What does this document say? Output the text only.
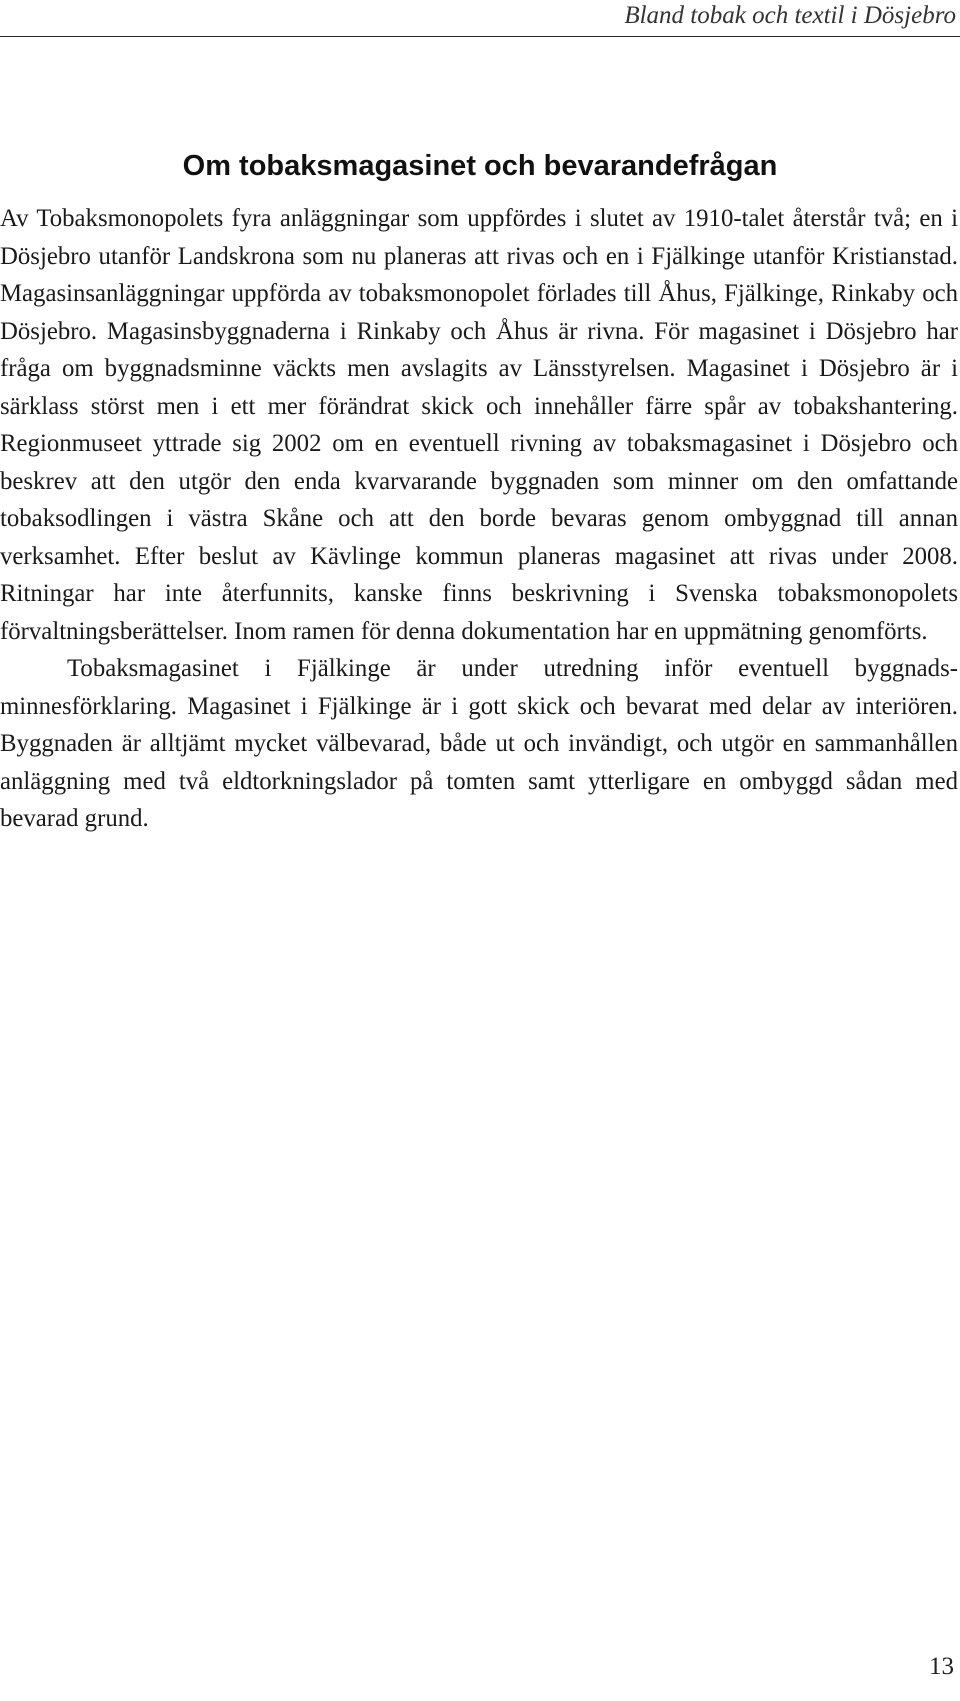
Bland tobak och textil i Dösjebro
Om tobaksmagasinet och bevarandefrågan

Av Tobaksmonopolets fyra anläggningar som uppfördes i slutet av 1910-talet återstår två; en i Dösjebro utanför Landskrona som nu planeras att rivas och en i Fjälkinge utanför Kristianstad. Magasinsanläggningar uppförda av tobaksmonopolet förlades till Åhus, Fjälkinge, Rinkaby och Dösjebro. Magasinsbyggnaderna i Rinkaby och Åhus är rivna. För magasinet i Dösjebro har fråga om byggnadsminne väckts men avslagits av Länsstyrelsen. Magasinet i Dösjebro är i särklass störst men i ett mer förändrat skick och innehåller färre spår av tobakshantering. Regionmuseet yttrade sig 2002 om en eventuell rivning av tobaksmagasinet i Dösjebro och beskrev att den utgör den enda kvarvarande byggnaden som minner om den omfattande tobaksodlingen i västra Skåne och att den borde bevaras genom ombyggnad till annan verksamhet. Efter beslut av Kävlinge kommun planeras magasinet att rivas under 2008. Ritningar har inte återfunnits, kanske finns beskrivning i Svenska tobaksmonopolets förvaltningsberättelser. Inom ramen för denna dokumentation har en uppmätning genomförts.

Tobaksmagasinet i Fjälkinge är under utredning inför eventuell byggnadsminnesförklaring. Magasinet i Fjälkinge är i gott skick och bevarat med delar av interiören. Byggnaden är alltjämt mycket välbevarad, både ut och invändigt, och utgör en sammanhållen anläggning med två eldtorkningslador på tomten samt ytterligare en ombyggd sådan med bevarad grund.

13
